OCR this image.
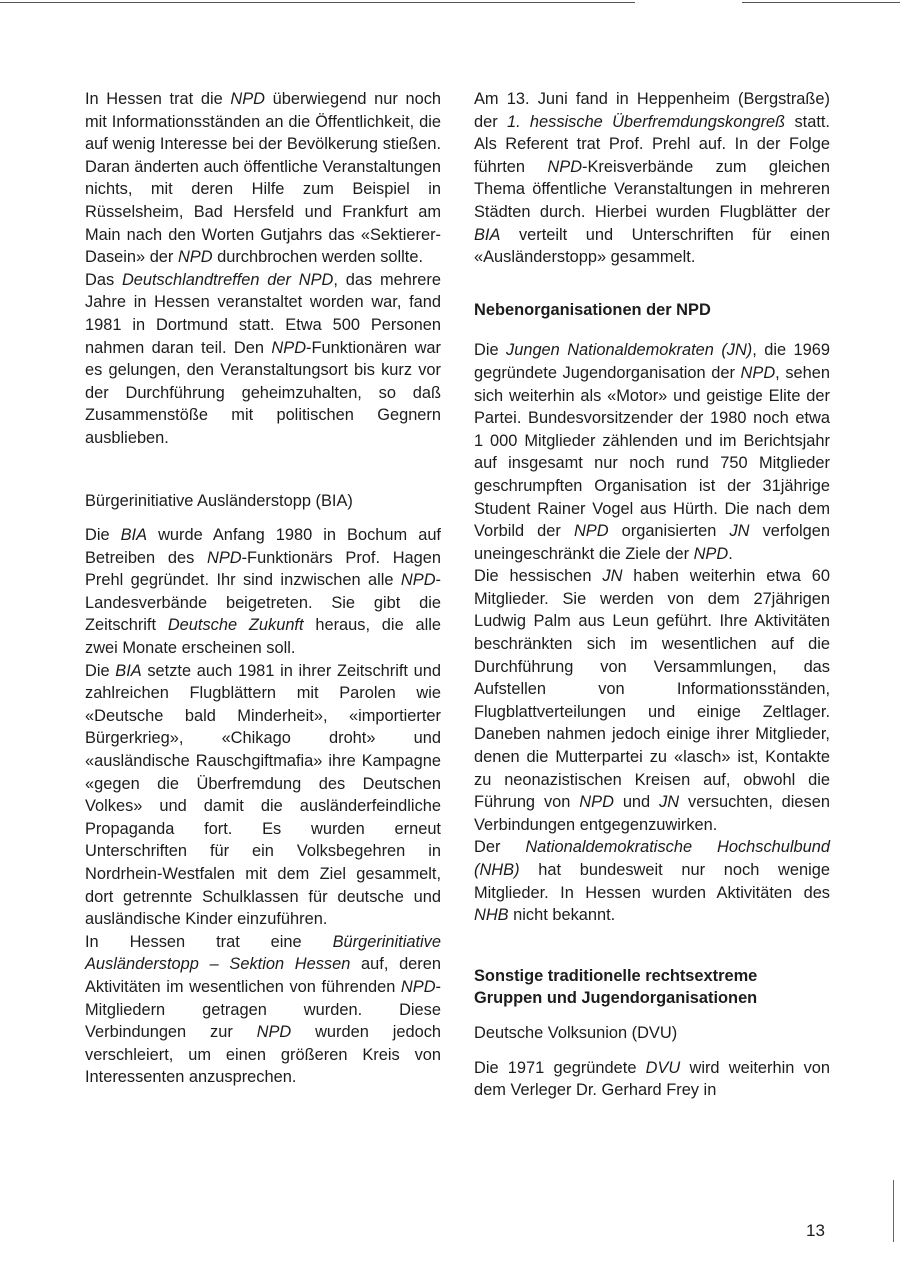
In Hessen trat die NPD überwiegend nur noch mit Informationsständen an die Öffentlichkeit, die auf wenig Interesse bei der Bevölkerung stießen. Daran änderten auch öffentliche Veranstaltungen nichts, mit deren Hilfe zum Beispiel in Rüsselsheim, Bad Hersfeld und Frankfurt am Main nach den Worten Gutjahrs das «Sektierer-Dasein» der NPD durchbrochen werden sollte.

Das Deutschlandtreffen der NPD, das mehrere Jahre in Hessen veranstaltet worden war, fand 1981 in Dortmund statt. Etwa 500 Personen nahmen daran teil. Den NPD-Funktionären war es gelungen, den Veranstaltungsort bis kurz vor der Durchführung geheimzuhalten, so daß Zusammenstöße mit politischen Gegnern ausblieben.

Bürgerinitiative Ausländerstopp (BIA)

Die BIA wurde Anfang 1980 in Bochum auf Betreiben des NPD-Funktionärs Prof. Hagen Prehl gegründet. Ihr sind inzwischen alle NPD-Landesverbände beigetreten. Sie gibt die Zeitschrift Deutsche Zukunft heraus, die alle zwei Monate erscheinen soll.

Die BIA setzte auch 1981 in ihrer Zeitschrift und zahlreichen Flugblättern mit Parolen wie «Deutsche bald Minderheit», «importierter Bürgerkrieg», «Chikago droht» und «ausländische Rauschgiftmafia» ihre Kampagne «gegen die Überfremdung des Deutschen Volkes» und damit die ausländerfeindliche Propaganda fort. Es wurden erneut Unterschriften für ein Volksbegehren in Nordrhein-Westfalen mit dem Ziel gesammelt, dort getrennte Schulklassen für deutsche und ausländische Kinder einzuführen.

In Hessen trat eine Bürgerinitiative Ausländerstopp – Sektion Hessen auf, deren Aktivitäten im wesentlichen von führenden NPD-Mitgliedern getragen wurden. Diese Verbindungen zur NPD wurden jedoch verschleiert, um einen größeren Kreis von Interessenten anzusprechen.

Am 13. Juni fand in Heppenheim (Bergstraße) der 1. hessische Überfremdungskongreß statt. Als Referent trat Prof. Prehl auf. In der Folge führten NPD-Kreisverbände zum gleichen Thema öffentliche Veranstaltungen in mehreren Städten durch. Hierbei wurden Flugblätter der BIA verteilt und Unterschriften für einen «Ausländerstopp» gesammelt.

Nebenorganisationen der NPD

Die Jungen Nationaldemokraten (JN), die 1969 gegründete Jugendorganisation der NPD, sehen sich weiterhin als «Motor» und geistige Elite der Partei. Bundesvorsitzender der 1980 noch etwa 1 000 Mitglieder zählenden und im Berichtsjahr auf insgesamt nur noch rund 750 Mitglieder geschrumpften Organisation ist der 31jährige Student Rainer Vogel aus Hürth. Die nach dem Vorbild der NPD organisierten JN verfolgen uneingeschränkt die Ziele der NPD.

Die hessischen JN haben weiterhin etwa 60 Mitglieder. Sie werden von dem 27jährigen Ludwig Palm aus Leun geführt. Ihre Aktivitäten beschränkten sich im wesentlichen auf die Durchführung von Versammlungen, das Aufstellen von Informationsständen, Flugblattverteilungen und einige Zeltlager. Daneben nahmen jedoch einige ihrer Mitglieder, denen die Mutterpartei zu «lasch» ist, Kontakte zu neonazistischen Kreisen auf, obwohl die Führung von NPD und JN versuchten, diesen Verbindungen entgegenzuwirken.

Der Nationaldemokratische Hochschulbund (NHB) hat bundesweit nur noch wenige Mitglieder. In Hessen wurden Aktivitäten des NHB nicht bekannt.

Sonstige traditionelle rechtsextreme Gruppen und Jugendorganisationen

Deutsche Volksunion (DVU)

Die 1971 gegründete DVU wird weiterhin von dem Verleger Dr. Gerhard Frey in

13
